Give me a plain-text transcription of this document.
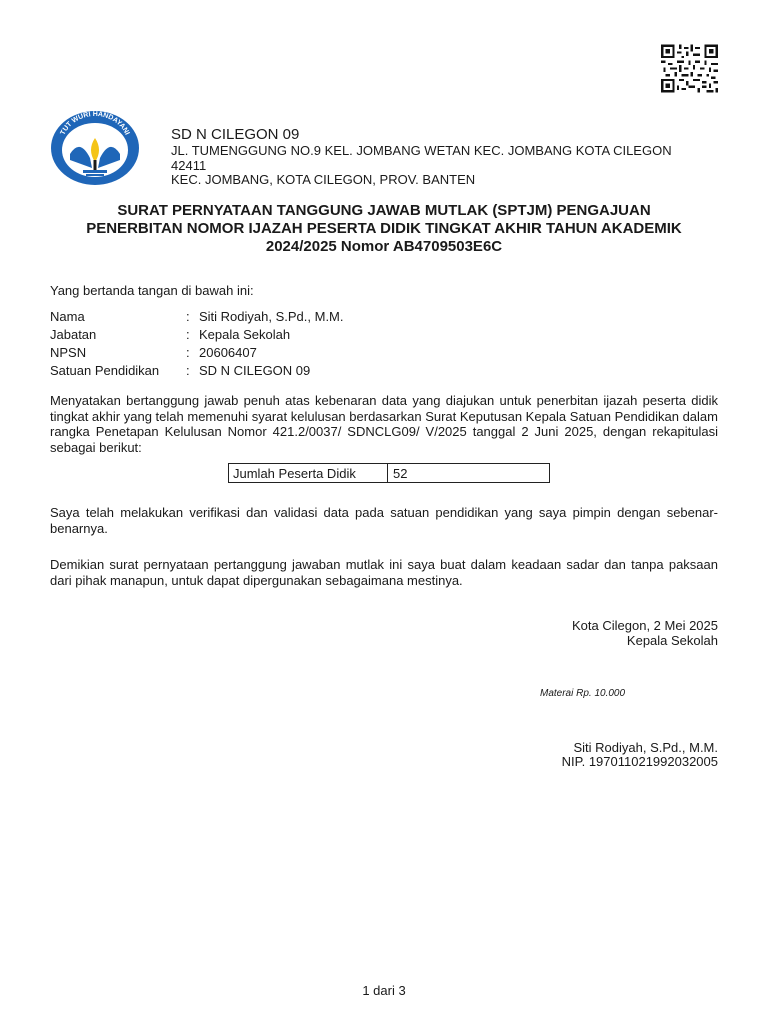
TUT WURI HANDAYANI	SD N CILEGON 09
JL. TUMENGGUNG NO.9 KEL. JOMBANG WETAN KEC. JOMBANG KOTA CILEGON
42411
KEC. JOMBANG, KOTA CILEGON, PROV. BANTEN
SURAT PERNYATAAN TANGGUNG JAWAB MUTLAK (SPTJM) PENGAJUAN
PENERBITAN NOMOR IJAZAH PESERTA DIDIK TINGKAT AKHIR TAHUN AKADEMIK
2024/2025 Nomor AB4709503E6C
Yang bertanda tangan di bawah ini:
Nama	: Siti Rodiyah, S.Pd., M.M.
Jabatan	: Kepala Sekolah
NPSN	: 20606407
Satuan Pendidikan : SD N CILEGON 09
Menyatakan bertanggung jawab penuh atas kebenaran data yang diajukan untuk penerbitan ijazah peserta didik tingkat akhir yang telah memenuhi syarat kelulusan berdasarkan Surat Keputusan Kepala Satuan Pendidikan dalam rangka Penetapan Kelulusan Nomor 421.2/0037/ SDNCLG09/ V/2025 tanggal 2 Juni 2025, dengan rekapitulasi sebagai berikut:
Jumlah Peserta Didik	52
Saya telah melakukan verifikasi dan validasi data pada satuan pendidikan yang saya pimpin dengan sebenar-benarnya.
Demikian surat pernyataan pertanggung jawaban mutlak ini saya buat dalam keadaan sadar dan tanpa paksaan dari pihak manapun, untuk dapat dipergunakan sebagaimana mestinya.
Kota Cilegon, 2 Mei 2025
Kepala Sekolah
Materai Rp. 10.000
Siti Rodiyah, S.Pd., M.M.
NIP. 197011021992032005
1 dari 3
